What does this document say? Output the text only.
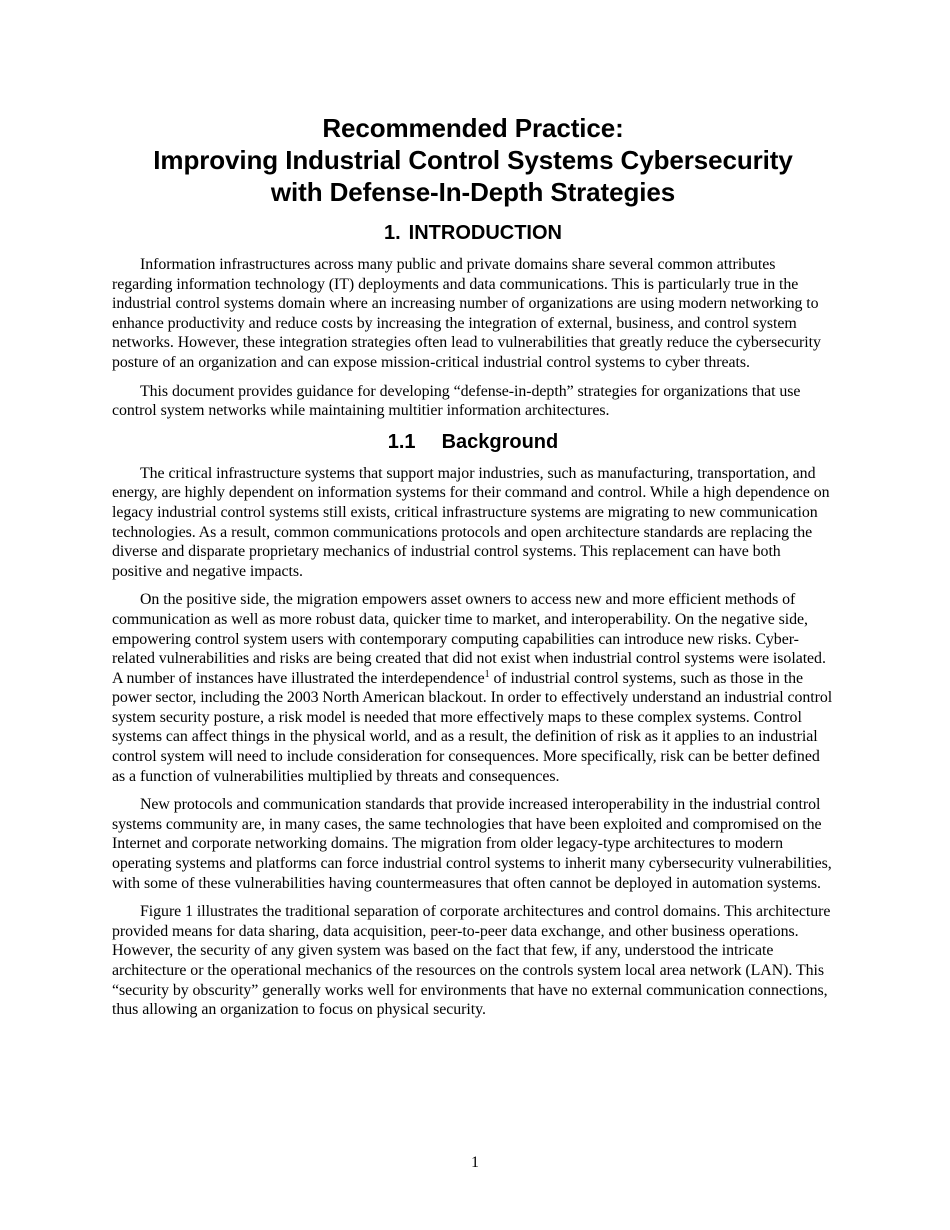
Recommended Practice:
Improving Industrial Control Systems Cybersecurity
with Defense-In-Depth Strategies
1. INTRODUCTION

Information infrastructures across many public and private domains share several common attributes regarding information technology (IT) deployments and data communications. This is particularly true in the industrial control systems domain where an increasing number of organizations are using modern networking to enhance productivity and reduce costs by increasing the integration of external, business, and control system networks. However, these integration strategies often lead to vulnerabilities that greatly reduce the cybersecurity posture of an organization and can expose mission-critical industrial control systems to cyber threats.

This document provides guidance for developing “defense-in-depth” strategies for organizations that use control system networks while maintaining multitier information architectures.

1.1 Background

The critical infrastructure systems that support major industries, such as manufacturing, transportation, and energy, are highly dependent on information systems for their command and control. While a high dependence on legacy industrial control systems still exists, critical infrastructure systems are migrating to new communication technologies. As a result, common communications protocols and open architecture standards are replacing the diverse and disparate proprietary mechanics of industrial control systems. This replacement can have both positive and negative impacts.

On the positive side, the migration empowers asset owners to access new and more efficient methods of communication as well as more robust data, quicker time to market, and interoperability. On the negative side, empowering control system users with contemporary computing capabilities can introduce new risks. Cyber-related vulnerabilities and risks are being created that did not exist when industrial control systems were isolated. A number of instances have illustrated the interdependence$^1$ of industrial control systems, such as those in the power sector, including the 2003 North American blackout. In order to effectively understand an industrial control system security posture, a risk model is needed that more effectively maps to these complex systems. Control systems can affect things in the physical world, and as a result, the definition of risk as it applies to an industrial control system will need to include consideration for consequences. More specifically, risk can be better defined as a function of vulnerabilities multiplied by threats and consequences.

New protocols and communication standards that provide increased interoperability in the industrial control systems community are, in many cases, the same technologies that have been exploited and compromised on the Internet and corporate networking domains. The migration from older legacy-type architectures to modern operating systems and platforms can force industrial control systems to inherit many cybersecurity vulnerabilities, with some of these vulnerabilities having countermeasures that often cannot be deployed in automation systems.

Figure 1 illustrates the traditional separation of corporate architectures and control domains. This architecture provided means for data sharing, data acquisition, peer-to-peer data exchange, and other business operations. However, the security of any given system was based on the fact that few, if any, understood the intricate architecture or the operational mechanics of the resources on the controls system local area network (LAN). This “security by obscurity” generally works well for environments that have no external communication connections, thus allowing an organization to focus on physical security.

1
